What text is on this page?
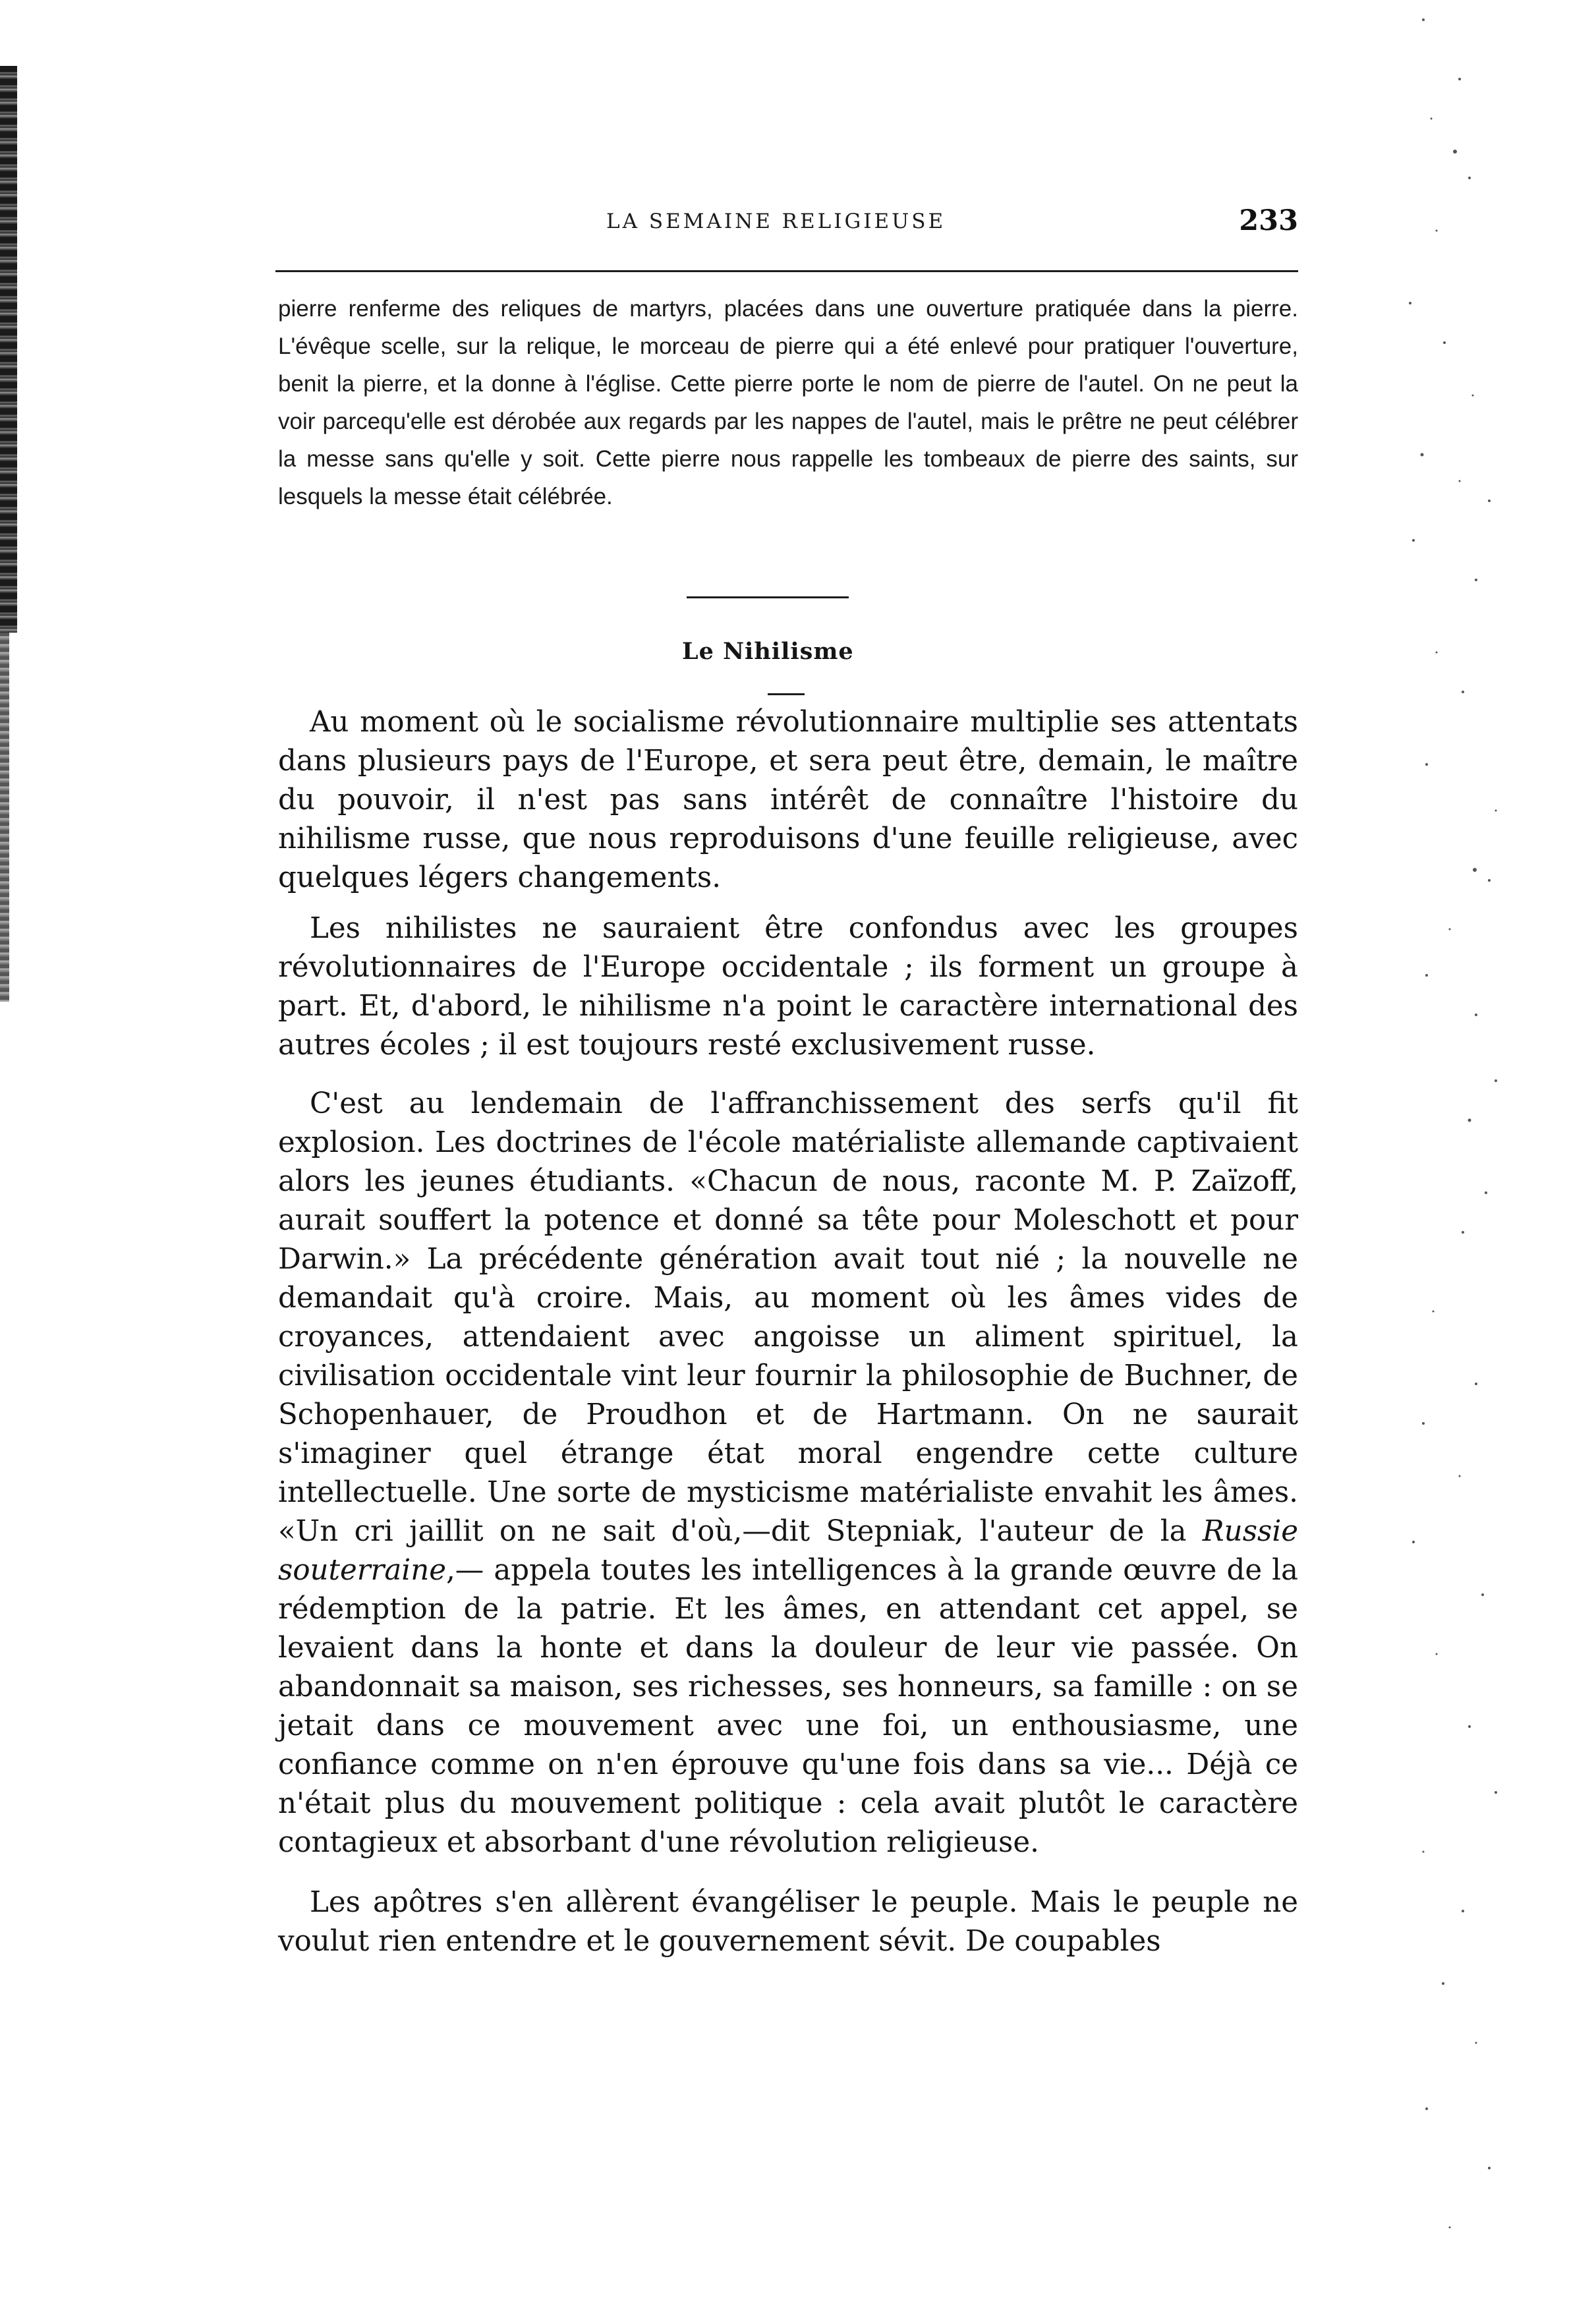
LA SEMAINE RELIGIEUSE	233

pierre renferme des reliques de martyrs, placées dans une ouverture pratiquée dans la pierre. L'évêque scelle, sur la relique, le morceau de pierre qui a été enlevé pour pratiquer l'ouverture, benit la pierre, et la donne à l'église. Cette pierre porte le nom de pierre de l'autel. On ne peut la voir parcequ'elle est dérobée aux regards par les nappes de l'autel, mais le prêtre ne peut célébrer la messe sans qu'elle y soit. Cette pierre nous rappelle les tombeaux de pierre des saints, sur lesquels la messe était célébrée.

Le Nihilisme

Au moment où le socialisme révolutionnaire multiplie ses attentats dans plusieurs pays de l'Europe, et sera peut être, demain, le maître du pouvoir, il n'est pas sans intérêt de connaître l'histoire du nihilisme russe, que nous reproduisons d'une feuille religieuse, avec quelques légers changements.

Les nihilistes ne sauraient être confondus avec les groupes révolutionnaires de l'Europe occidentale ; ils forment un groupe à part. Et, d'abord, le nihilisme n'a point le caractère international des autres écoles ; il est toujours resté exclusivement russe.

C'est au lendemain de l'affranchissement des serfs qu'il fit explosion. Les doctrines de l'école matérialiste allemande captivaient alors les jeunes étudiants. «Chacun de nous, raconte M. P. Zaïzoff, aurait souffert la potence et donné sa tête pour Moleschott et pour Darwin.» La précédente génération avait tout nié ; la nouvelle ne demandait qu'à croire. Mais, au moment où les âmes vides de croyances, attendaient avec angoisse un aliment spirituel, la civilisation occidentale vint leur fournir la philosophie de Buchner, de Schopenhauer, de Proudhon et de Hartmann. On ne saurait s'imaginer quel étrange état moral engendre cette culture intellectuelle. Une sorte de mysticisme matérialiste envahit les âmes. «Un cri jaillit on ne sait d'où,—dit Stepniak, l'auteur de la Russie souterraine,— appela toutes les intelligences à la grande œuvre de la rédemption de la patrie. Et les âmes, en attendant cet appel, se levaient dans la honte et dans la douleur de leur vie passée. On abandonnait sa maison, ses richesses, ses honneurs, sa famille : on se jetait dans ce mouvement avec une foi, un enthousiasme, une confiance comme on n'en éprouve qu'une fois dans sa vie... Déjà ce n'était plus du mouvement politique : cela avait plutôt le caractère contagieux et absorbant d'une révolution religieuse.

Les apôtres s'en allèrent évangéliser le peuple. Mais le peuple ne voulut rien entendre et le gouvernement sévit. De coupables
